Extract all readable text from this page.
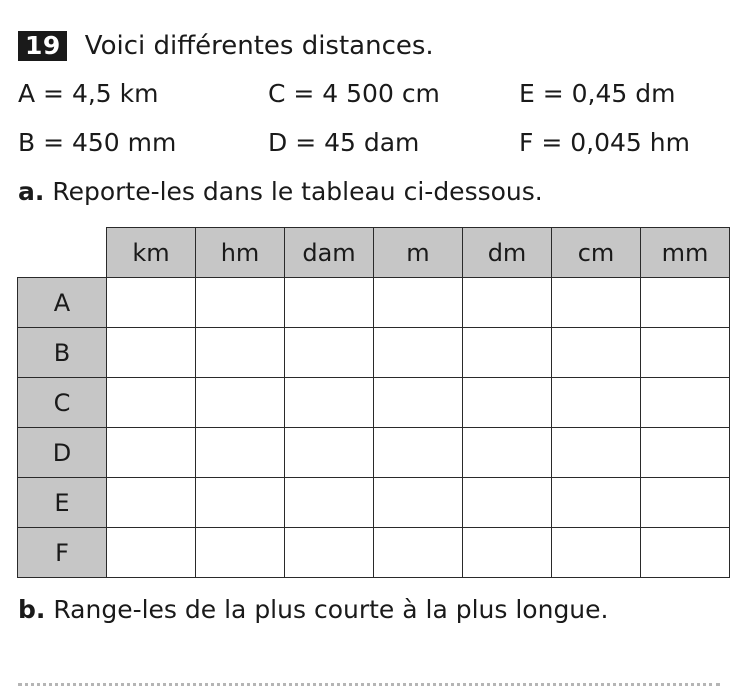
19 Voici différentes distances.
A = 4,5 km	C = 4 500 cm	E = 0,45 dm
B = 450 mm	D = 45 dam	F = 0,045 hm
a. Reporte-les dans le tableau ci-dessous.
	km	hm	dam	m	dm	cm	mm
A							
B							
C							
D							
E							
F							
b. Range-les de la plus courte à la plus longue.
